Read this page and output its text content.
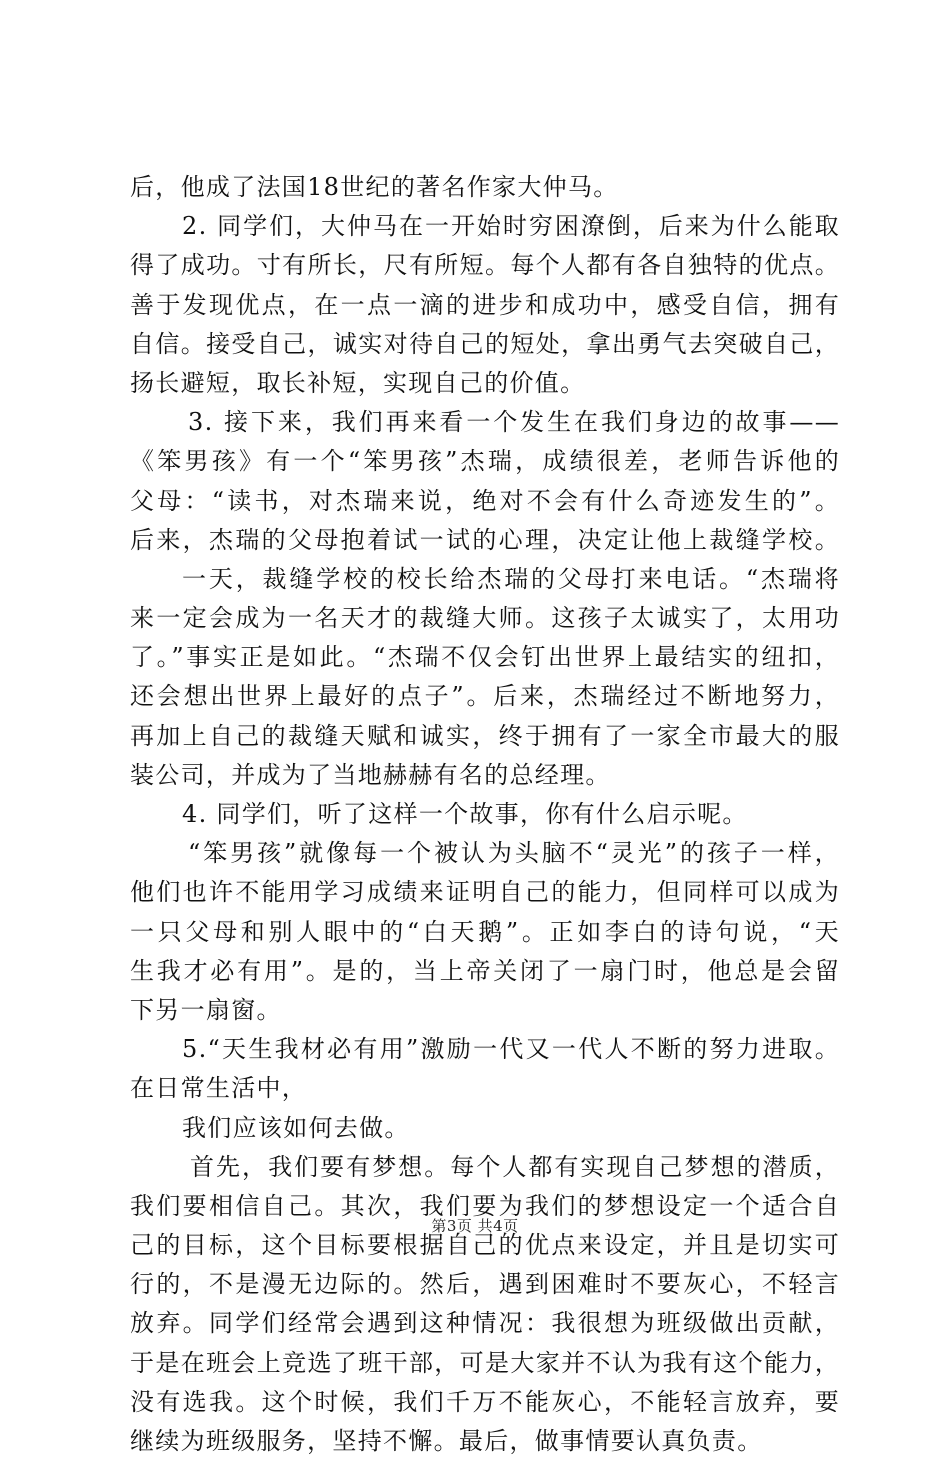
后，他成了法国18世纪的著名作家大仲马。
2. 同学们，大仲马在一开始时穷困潦倒，后来为什么能取
得了成功。寸有所长，尺有所短。每个人都有各自独特的优点。
善于发现优点，在一点一滴的进步和成功中，感受自信，拥有
自信。接受自己，诚实对待自己的短处，拿出勇气去突破自己，
扬长避短，取长补短，实现自己的价值。
3. 接下来，我们再来看一个发生在我们身边的故事——
《笨男孩》有一个“笨男孩”杰瑞，成绩很差，老师告诉他的
父母：“读书，对杰瑞来说，绝对不会有什么奇迹发生的”。
后来，杰瑞的父母抱着试一试的心理，决定让他上裁缝学校。
一天，裁缝学校的校长给杰瑞的父母打来电话。“杰瑞将
来一定会成为一名天才的裁缝大师。这孩子太诚实了，太用功
了。”事实正是如此。“杰瑞不仅会钉出世界上最结实的纽扣，
还会想出世界上最好的点子”。后来，杰瑞经过不断地努力，
再加上自己的裁缝天赋和诚实，终于拥有了一家全市最大的服
装公司，并成为了当地赫赫有名的总经理。
4. 同学们，听了这样一个故事，你有什么启示呢。
“笨男孩”就像每一个被认为头脑不“灵光”的孩子一样，
他们也许不能用学习成绩来证明自己的能力，但同样可以成为
一只父母和别人眼中的“白天鹅”。正如李白的诗句说，“天
生我才必有用”。是的，当上帝关闭了一扇门时，他总是会留
下另一扇窗。
5.“天生我材必有用”激励一代又一代人不断的努力进取。
在日常生活中，
我们应该如何去做。
首先，我们要有梦想。每个人都有实现自己梦想的潜质，
我们要相信自己。其次，我们要为我们的梦想设定一个适合自
己的目标，这个目标要根据自己的优点来设定，并且是切实可
行的，不是漫无边际的。然后，遇到困难时不要灰心，不轻言
放弃。同学们经常会遇到这种情况：我很想为班级做出贡献，
于是在班会上竞选了班干部，可是大家并不认为我有这个能力，
没有选我。这个时候，我们千万不能灰心，不能轻言放弃，要
继续为班级服务，坚持不懈。最后，做事情要认真负责。
第3页 共4页
